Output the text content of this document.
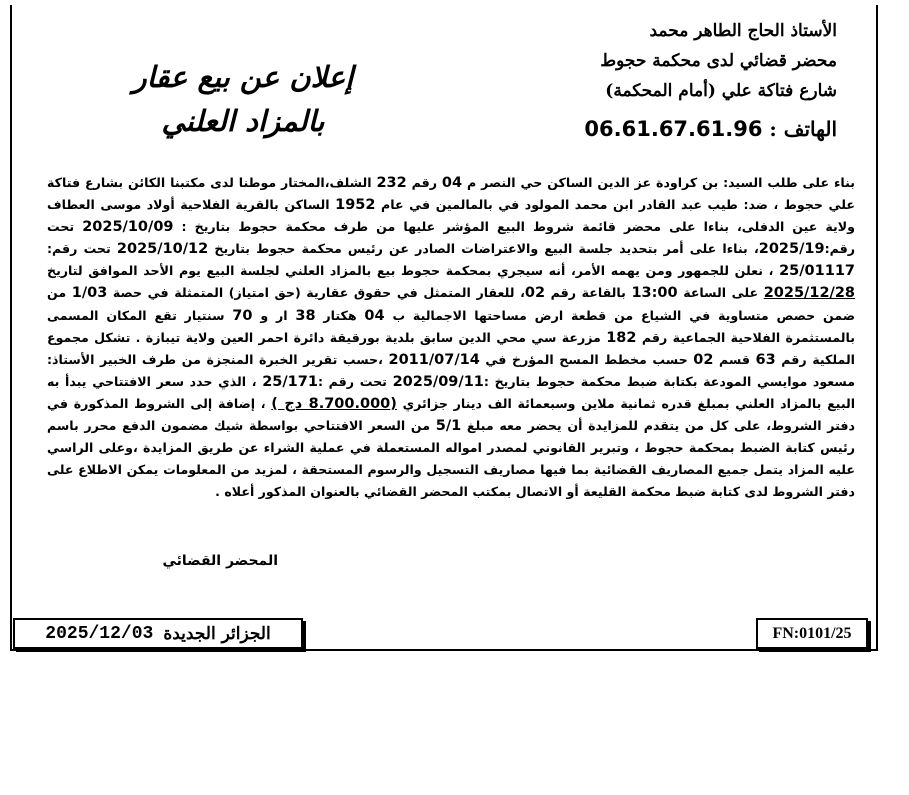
الأستاذ الحاج الطاهر محمد
محضر قضائي لدى محكمة حجوط
شارع فتاكة علي (أمام المحكمة)
الهاتف : 06.61.67.61.96
إعلان عن بيع عقار
بالمزاد العلني
بناء على طلب السيد: بن كراودة عز الدين الساكن حي النصر م 04 رقم 232 الشلف،المختار موطنا لدى مكتبنا الكائن بشارع فتاكة علي حجوط ، ضد: طيب عبد القادر ابن محمد المولود في بالمالمين في عام 1952 الساكن بالقرية الفلاحية أولاد موسى العطاف ولاية عين الدفلى، بناءا على محضر قائمة شروط البيع المؤشر عليها من طرف محكمة حجوط بتاريخ : 2025/10/09 تحت رقم:2025/19، بناءا على أمر بتحديد جلسة البيع والاعتراضات الصادر عن رئيس محكمة حجوط بتاريخ 2025/10/12 تحت رقم: 25/01117 ، نعلن للجمهور ومن يهمه الأمر، أنه سيجري بمحكمة حجوط بيع بالمزاد العلني لجلسة البيع يوم الأحد الموافق لتاريخ 2025/12/28 على الساعة 13:00 بالقاعة رقم 02، للعقار المتمثل في حقوق عقارية (حق امتياز) المتمثلة في حصة 1/03 من ضمن حصص متساوية في الشياع من قطعة ارض مساحتها الاجمالية ب 04 هكتار 38 ار و 70 سنتيار تقع المكان المسمى بالمستثمرة الفلاحية الجماعية رقم 182 مزرعة سي محي الدين سابق بلدية بورقيقة دائرة احمر العين ولاية تيبازة . تشكل مجموع الملكية رقم 63 قسم 02 حسب مخطط المسح المؤرخ في 2011/07/14 ،حسب تقرير الخبرة المنجزة من طرف الخبير الأستاذ: مسعود موايسي المودعة بكتابة ضبط محكمة حجوط بتاريخ :2025/09/11 تحت رقم :25/171 ، الذي حدد سعر الافتتاحي يبدأ به البيع بالمزاد العلني بمبلغ قدره ثمانية ملاين وسبعمائة الف دينار جزائري (8.700.000 دج ) ، إضافة إلى الشروط المذكورة في دفتر الشروط، على كل من يتقدم للمزايدة أن يحضر معه مبلغ 5/1 من السعر الافتتاحي بواسطة شيك مضمون الدفع محرر باسم رئيس كتابة الضبط بمحكمة حجوط ، وتبرير القانوني لمصدر امواله المستعملة في عملية الشراء عن طريق المزايدة ،وعلى الراسي عليه المزاد يتمل جميع المصاريف القضائية بما فيها مصاريف التسجيل والرسوم المستحقة ، لمزيد من المعلومات يمكن الاطلاع على دفتر الشروط لدى كتابة ضبط محكمة القليعة أو الاتصال بمكتب المحضر القضائي بالعنوان المذكور أعلاه .
المحضر القضائي
الجزائر الجديدة
2025/12/03	FN:0101/25
